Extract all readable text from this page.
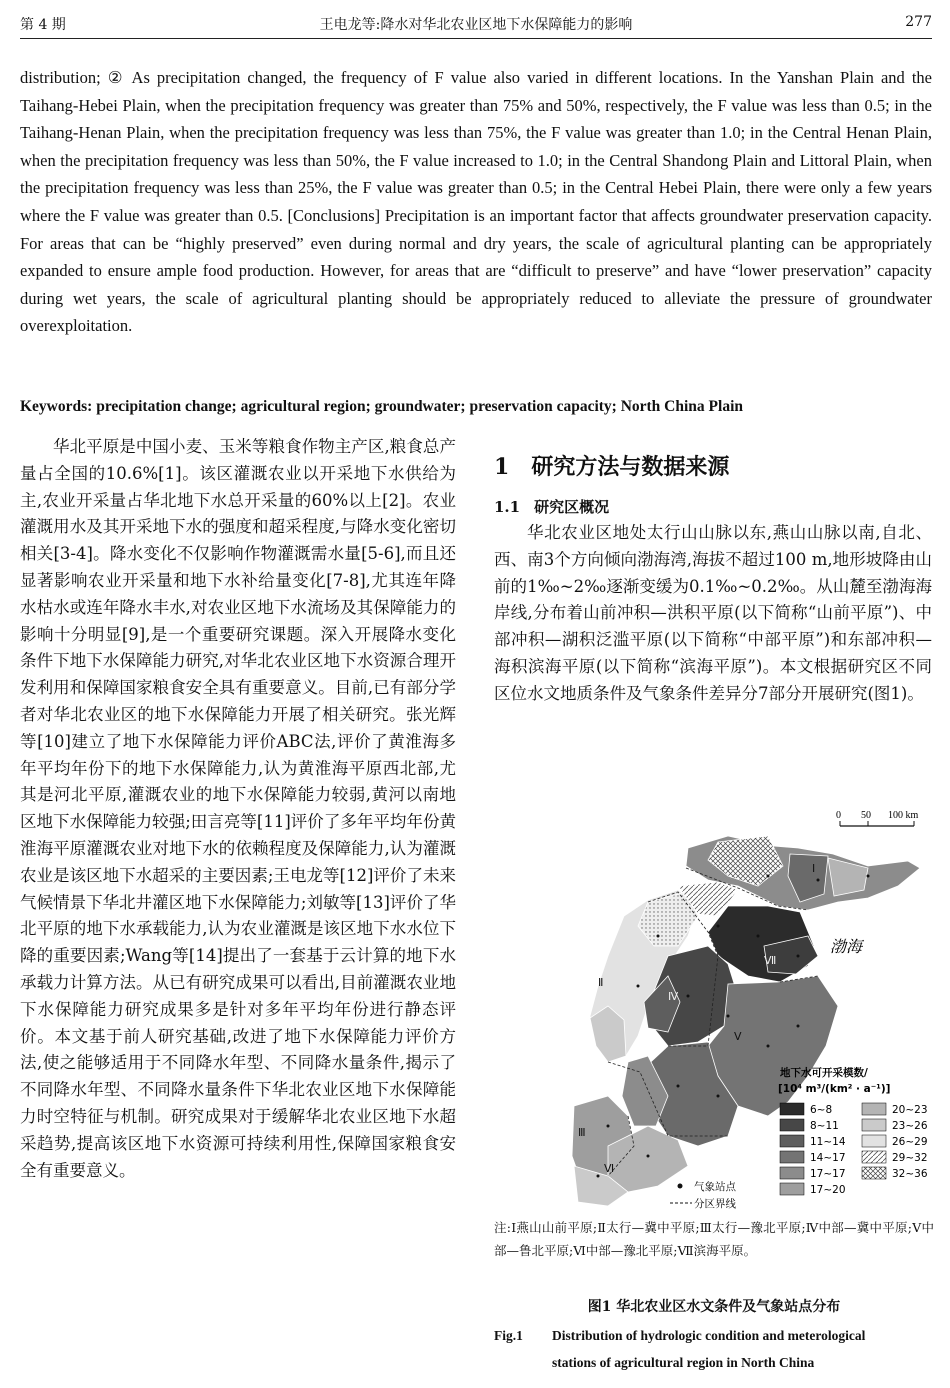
第 4 期	王电龙等:降水对华北农业区地下水保障能力的影响	277

distribution; ② As precipitation changed, the frequency of F value also varied in different locations. In the Yanshan Plain and the Taihang-Hebei Plain, when the precipitation frequency was greater than 75% and 50%, respectively, the F value was less than 0.5; in the Taihang-Henan Plain, when the precipitation frequency was less than 75%, the F value was greater than 1.0; in the Central Henan Plain, when the precipitation frequency was less than 50%, the F value increased to 1.0; in the Central Shandong Plain and Littoral Plain, when the precipitation frequency was less than 25%, the F value was greater than 0.5; in the Central Hebei Plain, there were only a few years where the F value was greater than 0.5. [Conclusions] Precipitation is an important factor that affects groundwater preservation capacity. For areas that can be “highly preserved” even during normal and dry years, the scale of agricultural planting can be appropriately expanded to ensure ample food production. However, for areas that are “difficult to preserve” and have “lower preservation” capacity during wet years, the scale of agricultural planting should be appropriately reduced to alleviate the pressure of groundwater overexploitation.

Keywords: precipitation change; agricultural region; groundwater; preservation capacity; North China Plain

华北平原是中国小麦、玉米等粮食作物主产区,粮食总产量占全国的10.6%[1]。该区灌溉农业以开采地下水供给为主,农业开采量占华北地下水总开采量的60%以上[2]。农业灌溉用水及其开采地下水的强度和超采程度,与降水变化密切相关[3-4]。降水变化不仅影响作物灌溉需水量[5-6],而且还显著影响农业开采量和地下水补给量变化[7-8],尤其连年降水枯水或连年降水丰水,对农业区地下水流场及其保障能力的影响十分明显[9],是一个重要研究课题。深入开展降水变化条件下地下水保障能力研究,对华北农业区地下水资源合理开发利用和保障国家粮食安全具有重要意义。目前,已有部分学者对华北农业区的地下水保障能力开展了相关研究。张光辉等[10]建立了地下水保障能力评价ABC法,评价了黄淮海多年平均年份下的地下水保障能力,认为黄淮海平原西北部,尤其是河北平原,灌溉农业的地下水保障能力较弱,黄河以南地区地下水保障能力较强;田言亮等[11]评价了多年平均年份黄淮海平原灌溉农业对地下水的依赖程度及保障能力,认为灌溉农业是该区地下水超采的主要因素;王电龙等[12]评价了未来气候情景下华北井灌区地下水保障能力;刘敏等[13]评价了华北平原的地下水承载能力,认为农业灌溉是该区地下水水位下降的重要因素;Wang等[14]提出了一套基于云计算的地下水承载力计算方法。从已有研究成果可以看出,目前灌溉农业地下水保障能力研究成果多是针对多年平均年份进行静态评价。本文基于前人研究基础,改进了地下水保障能力评价方法,使之能够适用于不同降水年型、不同降水量条件,揭示了不同降水年型、不同降水量条件下华北农业区地下水保障能力时空特征与机制。研究成果对于缓解华北农业区地下水超采趋势,提高该区地下水资源可持续利用性,保障国家粮食安全有重要意义。

1 研究方法与数据来源
1.1 研究区概况

华北农业区地处太行山山脉以东,燕山山脉以南,自北、西、南3个方向倾向渤海湾,海拔不超过100 m,地形坡降由山前的1‰~2‰逐渐变缓为0.1‰~0.2‰。从山麓至渤海海岸线,分布着山前冲积—洪积平原(以下简称“山前平原”)、中部冲积—湖积泛滥平原(以下简称“中部平原”)和东部冲积—海积滨海平原(以下简称“滨海平原”)。本文根据研究区不同区位水文地质条件及气象条件差异分7部分开展研究(图1)。

0 50 100 km
Ⅰ
Ⅱ
Ⅲ
Ⅳ
Ⅴ
Ⅵ
Ⅶ
渤海
地下水可开采模数/
[10⁴ m³/(km² · a⁻¹)]
6~8
8~11
11~14
14~17
17~17
17~20
20~23
23~26
26~29
29~32
32~36
气象站点
分区界线
注:Ⅰ燕山山前平原;Ⅱ太行—冀中平原;Ⅲ太行—豫北平原;Ⅳ中部—冀中平原;Ⅴ中部—鲁北平原;Ⅵ中部—豫北平原;Ⅶ滨海平原。
图1 华北农业区水文条件及气象站点分布
Fig.1 Distribution of hydrologic condition and meterological
stations of agricultural region in North China
